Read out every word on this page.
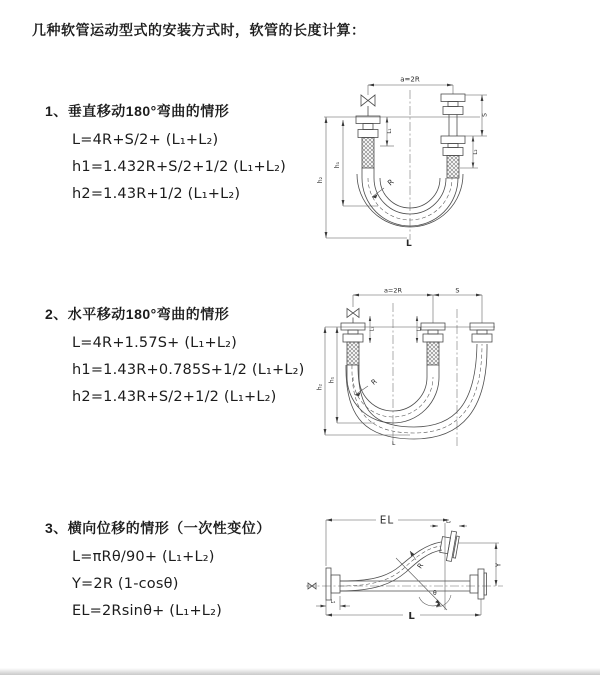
几种软管运动型式的安装方式时，软管的长度计算：
1、垂直移动180°弯曲的情形
L=4R+S/2+ (L₁+L₂)
h1=1.432R+S/2+1/2 (L₁+L₂)
h2=1.43R+1/2 (L₁+L₂)
2、水平移动180°弯曲的情形
L=4R+1.57S+ (L₁+L₂)
h1=1.43R+0.785S+1/2 (L₁+L₂)
h2=1.43R+S/2+1/2 (L₁+L₂)
3、横向位移的情形（一次性变位）
L=πRθ/90+ (L₁+L₂)
Y=2R (1-cosθ)
EL=2Rsinθ+ (L₁+L₂)
a=2R
h₂
h₁
L₁
S
L₂
R
L
a=2R	S
h₂
h₁
L₁	L₂
R
L
EL	L₂
Y
θ
R
L₁
L
